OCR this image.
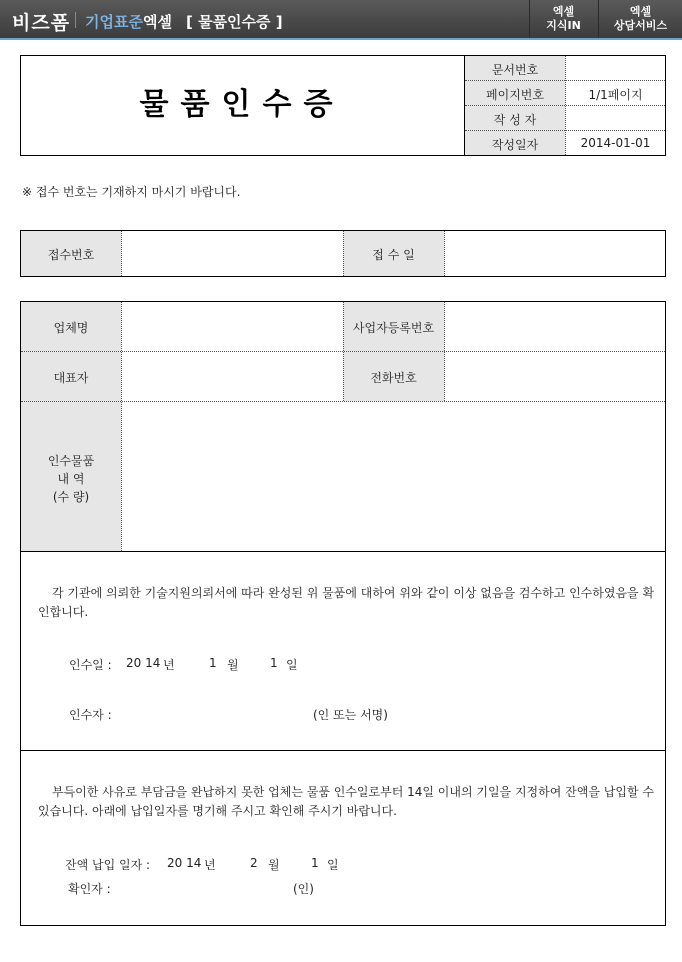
비즈폼 기업표준엑셀 [ 물품인수증 ]
엑셀
지식IN
엑셀
상담서비스
물품인수증
문서번호
페이지번호	1/1페이지
작 성 자
작성일자	2014-01-01
※ 접수 번호는 기재하지 마시기 바랍니다.
접수번호	접 수 일
업체명	사업자등록번호
대표자	전화번호
인수물품
내 역
(수 량)
각 기관에 의뢰한 기술지원의뢰서에 따라 완성된 위 물품에 대하여 위와 같이 이상 없음을 검수하고 인수하였음을 확인합니다.
인수일 : 20 14 년	1 월	1 일
인수자 :	(인 또는 서명)
부득이한 사유로 부담금을 완납하지 못한 업체는 물품 인수일로부터 14일 이내의 기일을 지정하여 잔액을 납입할 수 있습니다. 아래에 납입일자를 명기해 주시고 확인해 주시기 바랍니다.
잔액 납입 일자 : 20 14 년	2 월	1 일
확인자 :	(인)
